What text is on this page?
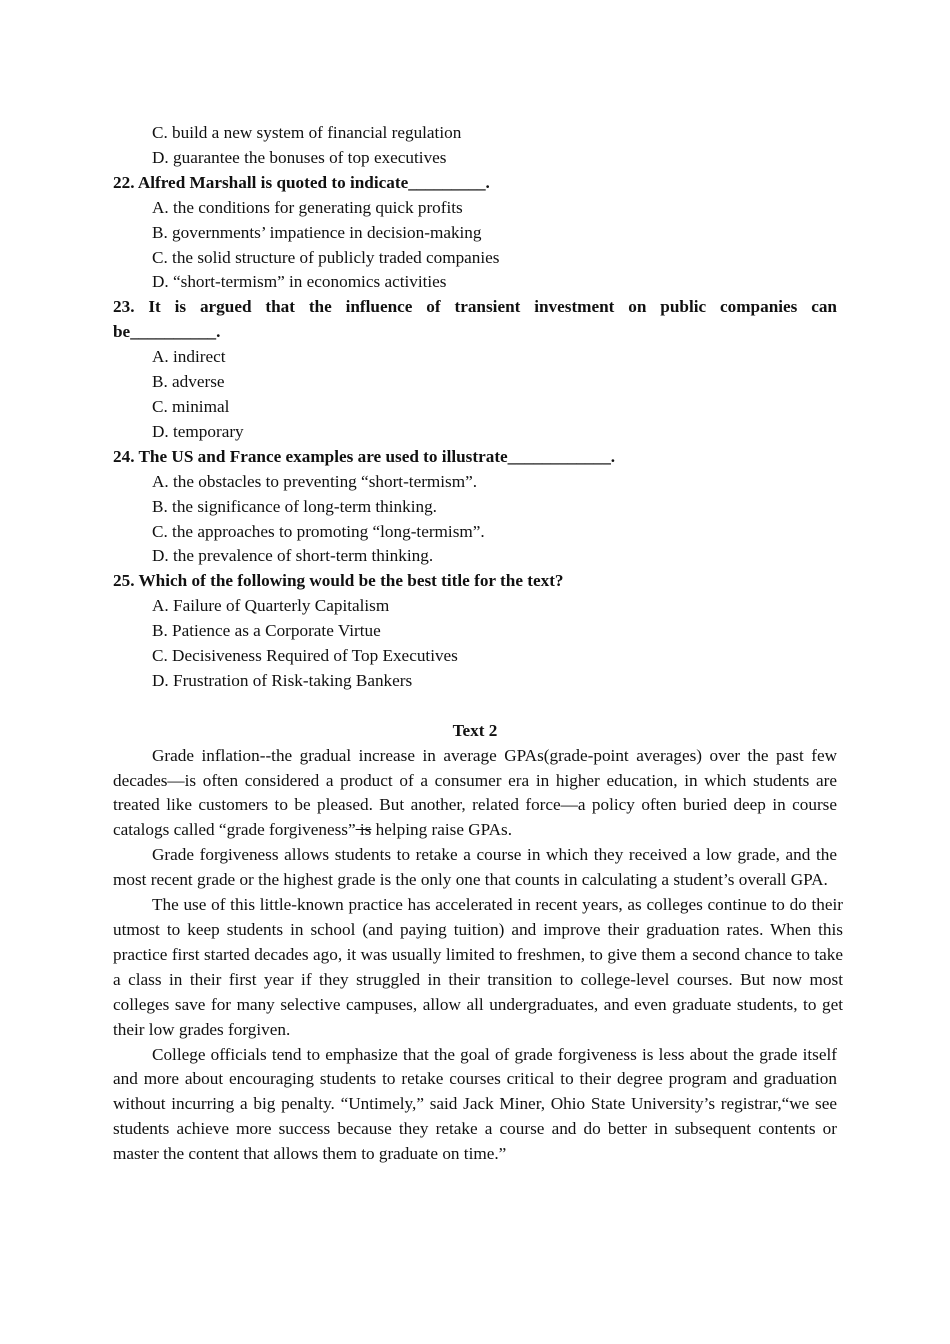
C. build a new system of financial regulation
D. guarantee the bonuses of top executives
22. Alfred Marshall is quoted to indicate_________.
A. the conditions for generating quick profits
B. governments’ impatience in decision-making
C. the solid structure of publicly traded companies
D. “short-termism” in economics activities
23. It is argued that the influence of transient investment on public companies can
be__________.
A. indirect
B. adverse
C. minimal
D. temporary
24. The US and France examples are used to illustrate____________.
A. the obstacles to preventing “short-termism”.
B. the significance of long-term thinking.
C. the approaches to promoting “long-termism”.
D. the prevalence of short-term thinking.
25. Which of the following would be the best title for the text?
A. Failure of Quarterly Capitalism
B. Patience as a Corporate Virtue
C. Decisiveness Required of Top Executives
D. Frustration of Risk-taking Bankers
Text 2

Grade inflation--the gradual increase in average GPAs(grade-point averages) over the past few decades—is often considered a product of a consumer era in higher education, in which students are treated like customers to be pleased. But another, related force—a policy often buried deep in course catalogs called “grade forgiveness” is helping raise GPAs.

Grade forgiveness allows students to retake a course in which they received a low grade, and the most recent grade or the highest grade is the only one that counts in calculating a student’s overall GPA.

The use of this little-known practice has accelerated in recent years, as colleges continue to do their utmost to keep students in school (and paying tuition) and improve their graduation rates. When this practice first started decades ago, it was usually limited to freshmen, to give them a second chance to take a class in their first year if they struggled in their transition to college-level courses. But now most colleges save for many selective campuses, allow all undergraduates, and even graduate students, to get their low grades forgiven.

College officials tend to emphasize that the goal of grade forgiveness is less about the grade itself and more about encouraging students to retake courses critical to their degree program and graduation without incurring a big penalty. “Untimely,” said Jack Miner, Ohio State University’s registrar,“we see students achieve more success because they retake a course and do better in subsequent contents or master the content that allows them to graduate on time.”
